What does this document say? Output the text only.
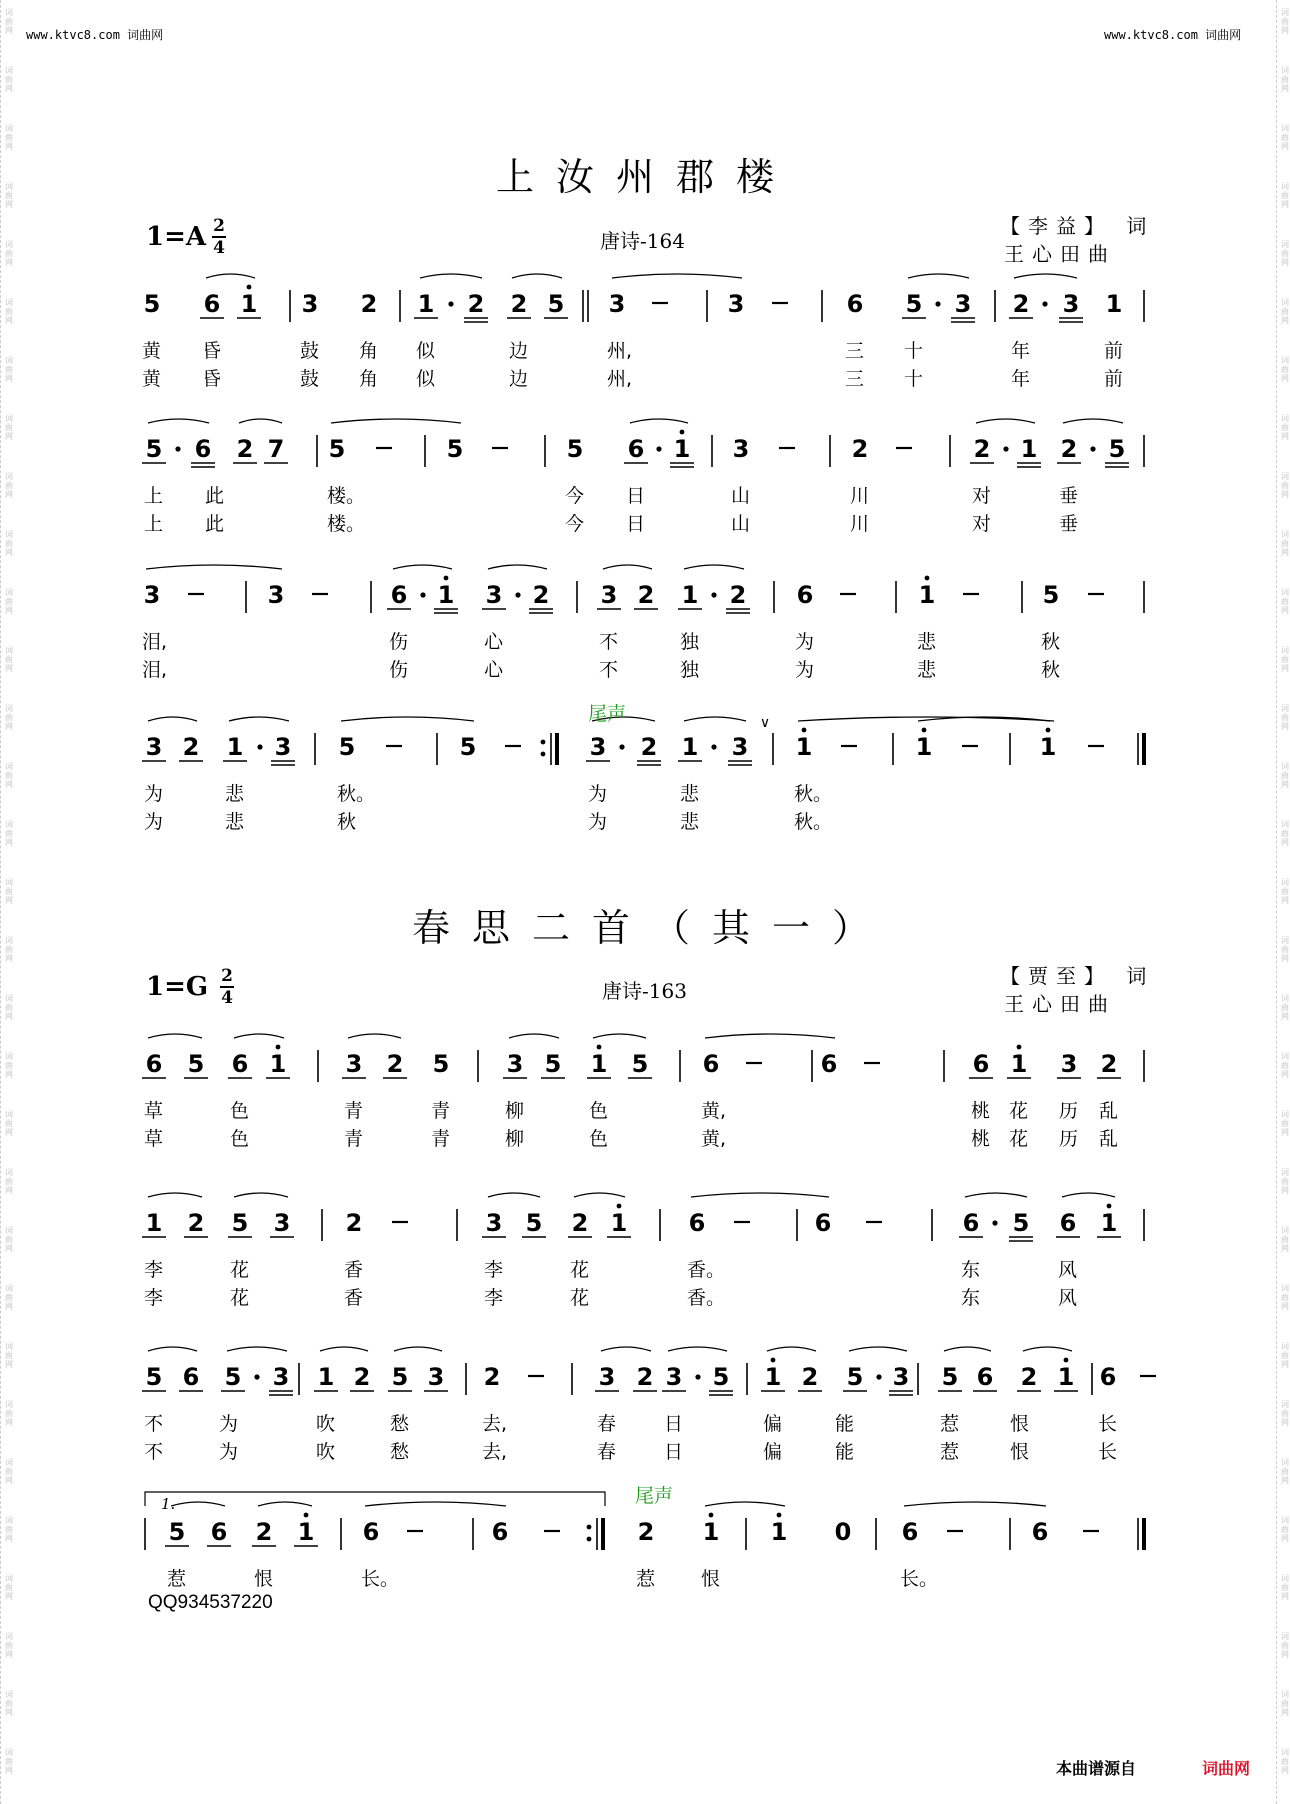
词
曲
网
词
曲
网
词
曲
网
词
曲
网
词
曲
网
词
曲
网
词
曲
网
词
曲
网
词
曲
网
词
曲
网
词
曲
网
词
曲
网
词
曲
网
词
曲
网
词
曲
网
词
曲
网
词
曲
网
词
曲
网
词
曲
网
词
曲
网
词
曲
网
词
曲
网
词
曲
网
词
曲
网
词
曲
网
词
曲
网
词
曲
网
词
曲
网
词
曲
网
词
曲
网
词
曲
网
词
曲
网
词
曲
网
词
曲
网
词
曲
网
词
曲
网
词
曲
网
词
曲
网
词
曲
网
词
曲
网
词
曲
网
词
曲
网
词
曲
网
词
曲
网
词
曲
网
词
曲
网
词
曲
网
词
曲
网
词
曲
网
词
曲
网
词
曲
网
词
曲
网
词
曲
网
词
曲
网
词
曲
网
词
曲
网
词
曲
网
词
曲
网
词
曲
网
词
曲
网
词
曲
网
词
曲
网
www.ktvc8.com 词曲网	www.ktvc8.com 词曲网
上汝州郡楼
1=A 2
4	唐诗-164
【李益】 词
王心田曲
春思二首（其一）
1=G 2
4	唐诗-163
【贾至】 词
王心田曲
5 6 1 3 2 1 2 2 5 3	3	6 5 3 2 3 1
黄 昏	鼓 角 似	边	州,	三 十	年	前
黄 昏	鼓 角 似	边	州,	三 十	年	前
5 6 2 7 5	5	5 6 1 3	2	2 1 2 5
上 此	楼。	今 日	山	川	对	垂
上 此	楼。	今 日	山	川	对	垂
3	3	6 1 3 2 3 2 1 2 6	1	5
泪,	伤	心	不	独	为	悲	秋
泪,	伤	心	不	独	为	悲	秋
3 2 1 3 5	5	3 2 1 3 1	1	1
尾声	∨
为	悲	秋。	为	悲	秋。
为	悲	秋	为	悲	秋。
6 5 6 1 3 2 5 3 5 1 5 6	6	6 1 3 2
草	色	青	青	柳	色	黄,	桃 花 历 乱
草	色	青	青	柳	色	黄,	桃 花 历 乱
1 2 5 3 2	3 5 2 1	6	6	6 5 6 1
李	花	香	李	花	香。	东	风
李	花	香	李	花	香。	东	风
5 6 5 3 1 2 5 3 2	3 2 3 5 1 2 5 3 5 6 2 1 6
不	为	吹	愁	去,	春	日	偏	能	惹	恨	长
不	为	吹	愁	去,	春	日	偏	能	惹	恨	长
5 6 2 1 6	6	2 1 1 0 6	6
1.	尾声
惹	恨	长。	惹 恨	长。
QQ934537220
本曲谱源自	词曲网
